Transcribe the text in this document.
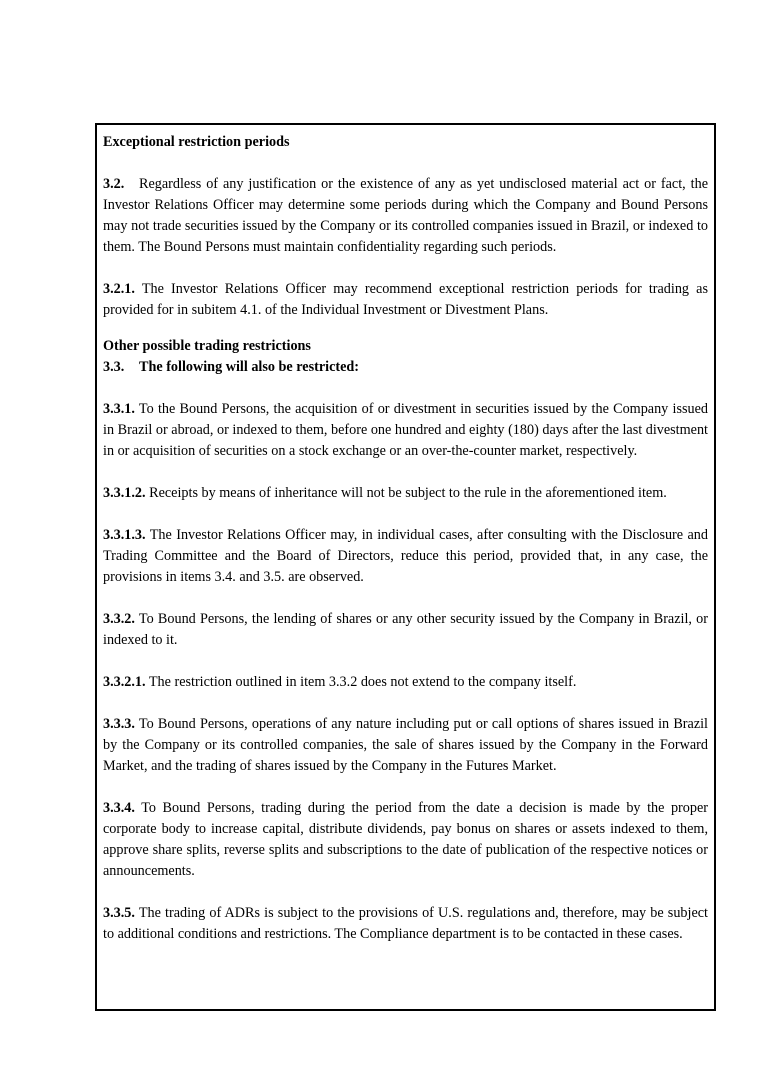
Exceptional restriction periods

3.2. Regardless of any justification or the existence of any as yet undisclosed material act or fact, the Investor Relations Officer may determine some periods during which the Company and Bound Persons may not trade securities issued by the Company or its controlled companies issued in Brazil, or indexed to them. The Bound Persons must maintain confidentiality regarding such periods.

3.2.1. The Investor Relations Officer may recommend exceptional restriction periods for trading as provided for in subitem 4.1. of the Individual Investment or Divestment Plans.

Other possible trading restrictions

3.3. The following will also be restricted:

3.3.1. To the Bound Persons, the acquisition of or divestment in securities issued by the Company issued in Brazil or abroad, or indexed to them, before one hundred and eighty (180) days after the last divestment in or acquisition of securities on a stock exchange or an over-the-counter market, respectively.

3.3.1.2. Receipts by means of inheritance will not be subject to the rule in the aforementioned item.

3.3.1.3. The Investor Relations Officer may, in individual cases, after consulting with the Disclosure and Trading Committee and the Board of Directors, reduce this period, provided that, in any case, the provisions in items 3.4. and 3.5. are observed.

3.3.2. To Bound Persons, the lending of shares or any other security issued by the Company in Brazil, or indexed to it.

3.3.2.1. The restriction outlined in item 3.3.2 does not extend to the company itself.

3.3.3. To Bound Persons, operations of any nature including put or call options of shares issued in Brazil by the Company or its controlled companies, the sale of shares issued by the Company in the Forward Market, and the trading of shares issued by the Company in the Futures Market.

3.3.4. To Bound Persons, trading during the period from the date a decision is made by the proper corporate body to increase capital, distribute dividends, pay bonus on shares or assets indexed to them, approve share splits, reverse splits and subscriptions to the date of publication of the respective notices or announcements.

3.3.5. The trading of ADRs is subject to the provisions of U.S. regulations and, therefore, may be subject to additional conditions and restrictions. The Compliance department is to be contacted in these cases.
